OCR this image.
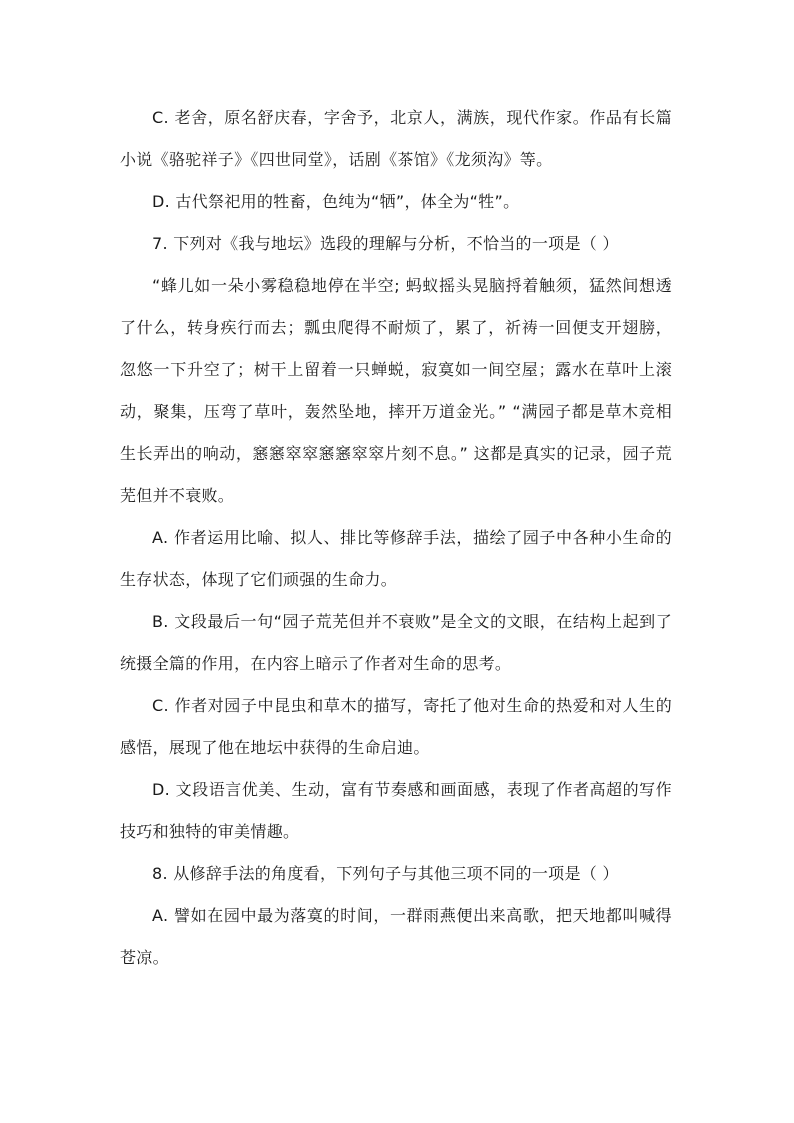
C. 老舍，原名舒庆春，字舍予，北京人，满族，现代作家。作品有长篇小说《骆驼祥子》《四世同堂》，话剧《茶馆》《龙须沟》等。

D. 古代祭祀用的牲畜，色纯为“牺”，体全为“牲”。

7. 下列对《我与地坛》选段的理解与分析，不恰当的一项是（ ）

“蜂儿如一朵小雾稳稳地停在半空; 蚂蚁摇头晃脑捋着触须，猛然间想透了什么，转身疾行而去；瓢虫爬得不耐烦了，累了，祈祷一回便支开翅膀，忽悠一下升空了；树干上留着一只蝉蜕，寂寞如一间空屋；露水在草叶上滚动，聚集，压弯了草叶，轰然坠地，摔开万道金光。” “满园子都是草木竞相生长弄出的响动，窸窸窣窣窸窸窣窣片刻不息。” 这都是真实的记录，园子荒芜但并不衰败。

A. 作者运用比喻、拟人、排比等修辞手法，描绘了园子中各种小生命的生存状态，体现了它们顽强的生命力。

B. 文段最后一句“园子荒芜但并不衰败”是全文的文眼，在结构上起到了统摄全篇的作用，在内容上暗示了作者对生命的思考。

C. 作者对园子中昆虫和草木的描写，寄托了他对生命的热爱和对人生的感悟，展现了他在地坛中获得的生命启迪。

D. 文段语言优美、生动，富有节奏感和画面感，表现了作者高超的写作技巧和独特的审美情趣。

8. 从修辞手法的角度看，下列句子与其他三项不同的一项是（ ）

A. 譬如在园中最为落寞的时间，一群雨燕便出来高歌，把天地都叫喊得苍凉。
